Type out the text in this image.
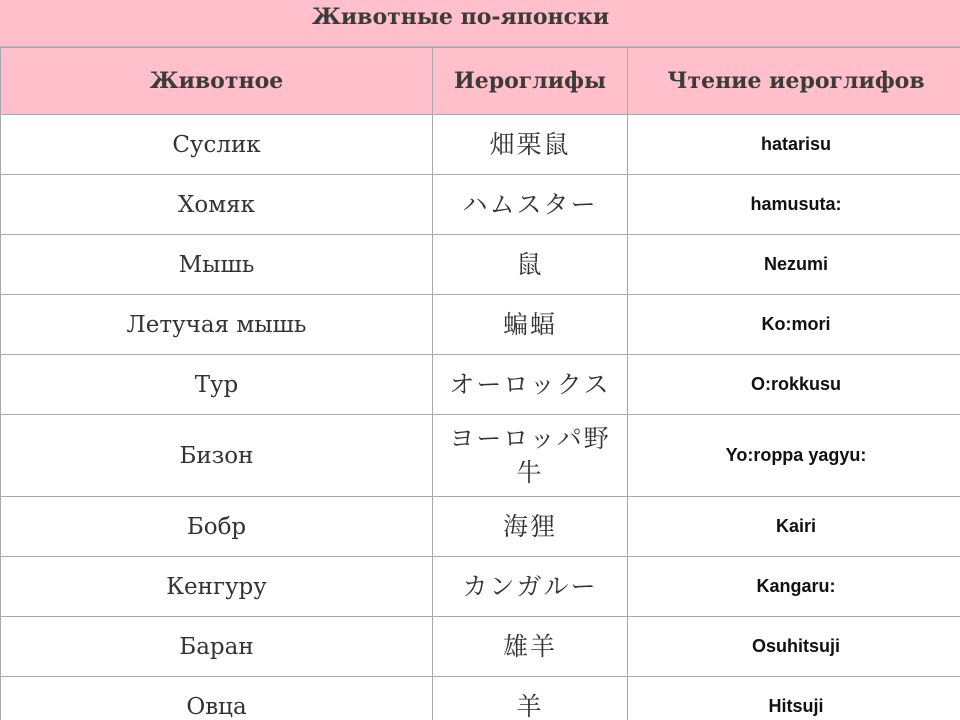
Животные по-японски
Животное	Иероглифы	Чтение иероглифов
Суслик	畑栗鼠	hatarisu
Хомяк	ハムスター	hamusuta:
Мышь	鼠	Nezumi
Летучая мышь	蝙蝠	Ko:mori
Тур	オーロックス	O:rokkusu
Бизон	ヨーロッパ野牛	Yo:roppa yagyu:
Бобр	海狸	Kairi
Кенгуру	カンガルー	Kangaru:
Баран	雄羊	Osuhitsuji
Овца	羊	Hitsuji
